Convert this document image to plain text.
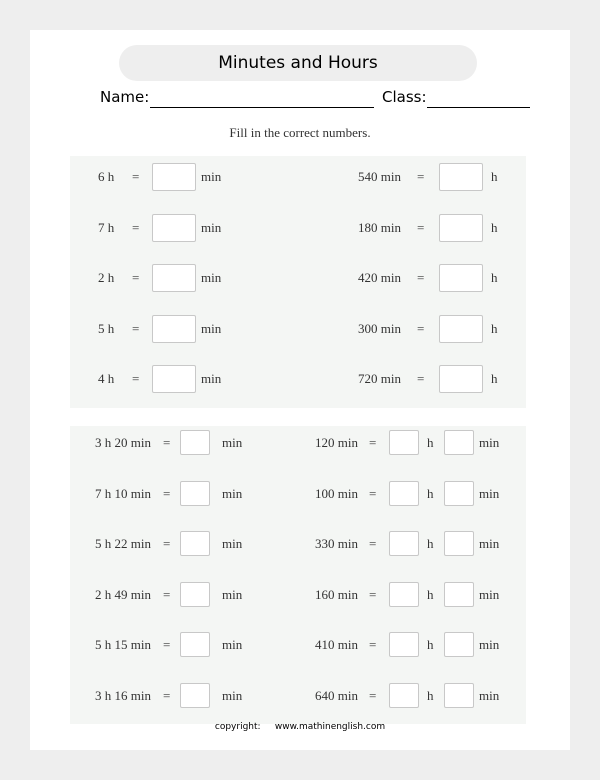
Minutes and Hours
Name:	Class:
Fill in the correct numbers.
6 h =	min	540 min =	h
7 h =	min	180 min =	h
2 h =	min	420 min =	h
5 h =	min	300 min =	h
4 h =	min	720 min =	h
3 h 20 min =	min	120 min =	h	min
7 h 10 min =	min	100 min =	h	min
5 h 22 min =	min	330 min =	h	min
2 h 49 min =	min	160 min =	h	min
5 h 15 min =	min	410 min =	h	min
3 h 16 min =	min	640 min =	h	min
copyright:     www.mathinenglish.com
